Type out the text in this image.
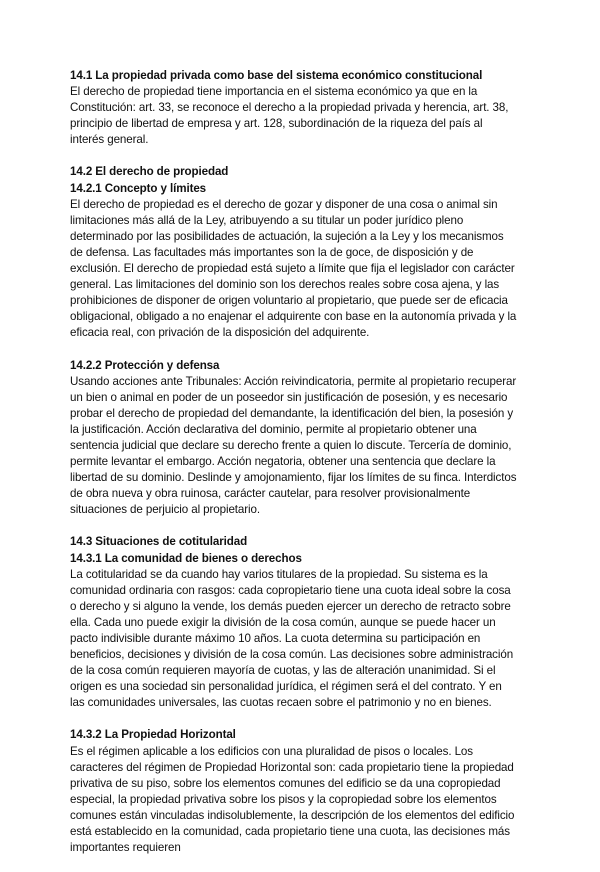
14.1 La propiedad privada como base del sistema económico constitucional
El derecho de propiedad tiene importancia en el sistema económico ya que en la Constitución: art. 33, se reconoce el derecho a la propiedad privada y herencia, art. 38, principio de libertad de empresa y art. 128, subordinación de la riqueza del país al interés general.
14.2 El derecho de propiedad
14.2.1 Concepto y límites
El derecho de propiedad es el derecho de gozar y disponer de una cosa o animal sin limitaciones más allá de la Ley, atribuyendo a su titular un poder jurídico pleno determinado por las posibilidades de actuación, la sujeción a la Ley y los mecanismos de defensa. Las facultades más importantes son la de goce, de disposición y de exclusión. El derecho de propiedad está sujeto a límite que fija el legislador con carácter general. Las limitaciones del dominio son los derechos reales sobre cosa ajena, y las prohibiciones de disponer de origen voluntario al propietario, que puede ser de eficacia obligacional, obligado a no enajenar el adquirente con base en la autonomía privada y la eficacia real, con privación de la disposición del adquirente.
14.2.2 Protección y defensa
Usando acciones ante Tribunales: Acción reivindicatoria, permite al propietario recuperar un bien o animal en poder de un poseedor sin justificación de posesión, y es necesario probar el derecho de propiedad del demandante, la identificación del bien, la posesión y la justificación. Acción declarativa del dominio, permite al propietario obtener una sentencia judicial que declare su derecho frente a quien lo discute. Tercería de dominio, permite levantar el embargo. Acción negatoria, obtener una sentencia que declare la libertad de su dominio. Deslinde y amojonamiento, fijar los límites de su finca. Interdictos de obra nueva y obra ruinosa, carácter cautelar, para resolver provisionalmente situaciones de perjuicio al propietario.
14.3 Situaciones de cotitularidad
14.3.1 La comunidad de bienes o derechos
La cotitularidad se da cuando hay varios titulares de la propiedad. Su sistema es la comunidad ordinaria con rasgos: cada copropietario tiene una cuota ideal sobre la cosa o derecho y si alguno la vende, los demás pueden ejercer un derecho de retracto sobre ella. Cada uno puede exigir la división de la cosa común, aunque se puede hacer un pacto indivisible durante máximo 10 años. La cuota determina su participación en beneficios, decisiones y división de la cosa común. Las decisiones sobre administración de la cosa común requieren mayoría de cuotas, y las de alteración unanimidad. Si el origen es una sociedad sin personalidad jurídica, el régimen será el del contrato. Y en las comunidades universales, las cuotas recaen sobre el patrimonio y no en bienes.
14.3.2 La Propiedad Horizontal
Es el régimen aplicable a los edificios con una pluralidad de pisos o locales. Los caracteres del régimen de Propiedad Horizontal son: cada propietario tiene la propiedad privativa de su piso, sobre los elementos comunes del edificio se da una copropiedad especial, la propiedad privativa sobre los pisos y la copropiedad sobre los elementos comunes están vinculadas indisolublemente, la descripción de los elementos del edificio está establecido en la comunidad, cada propietario tiene una cuota, las decisiones más importantes requieren
